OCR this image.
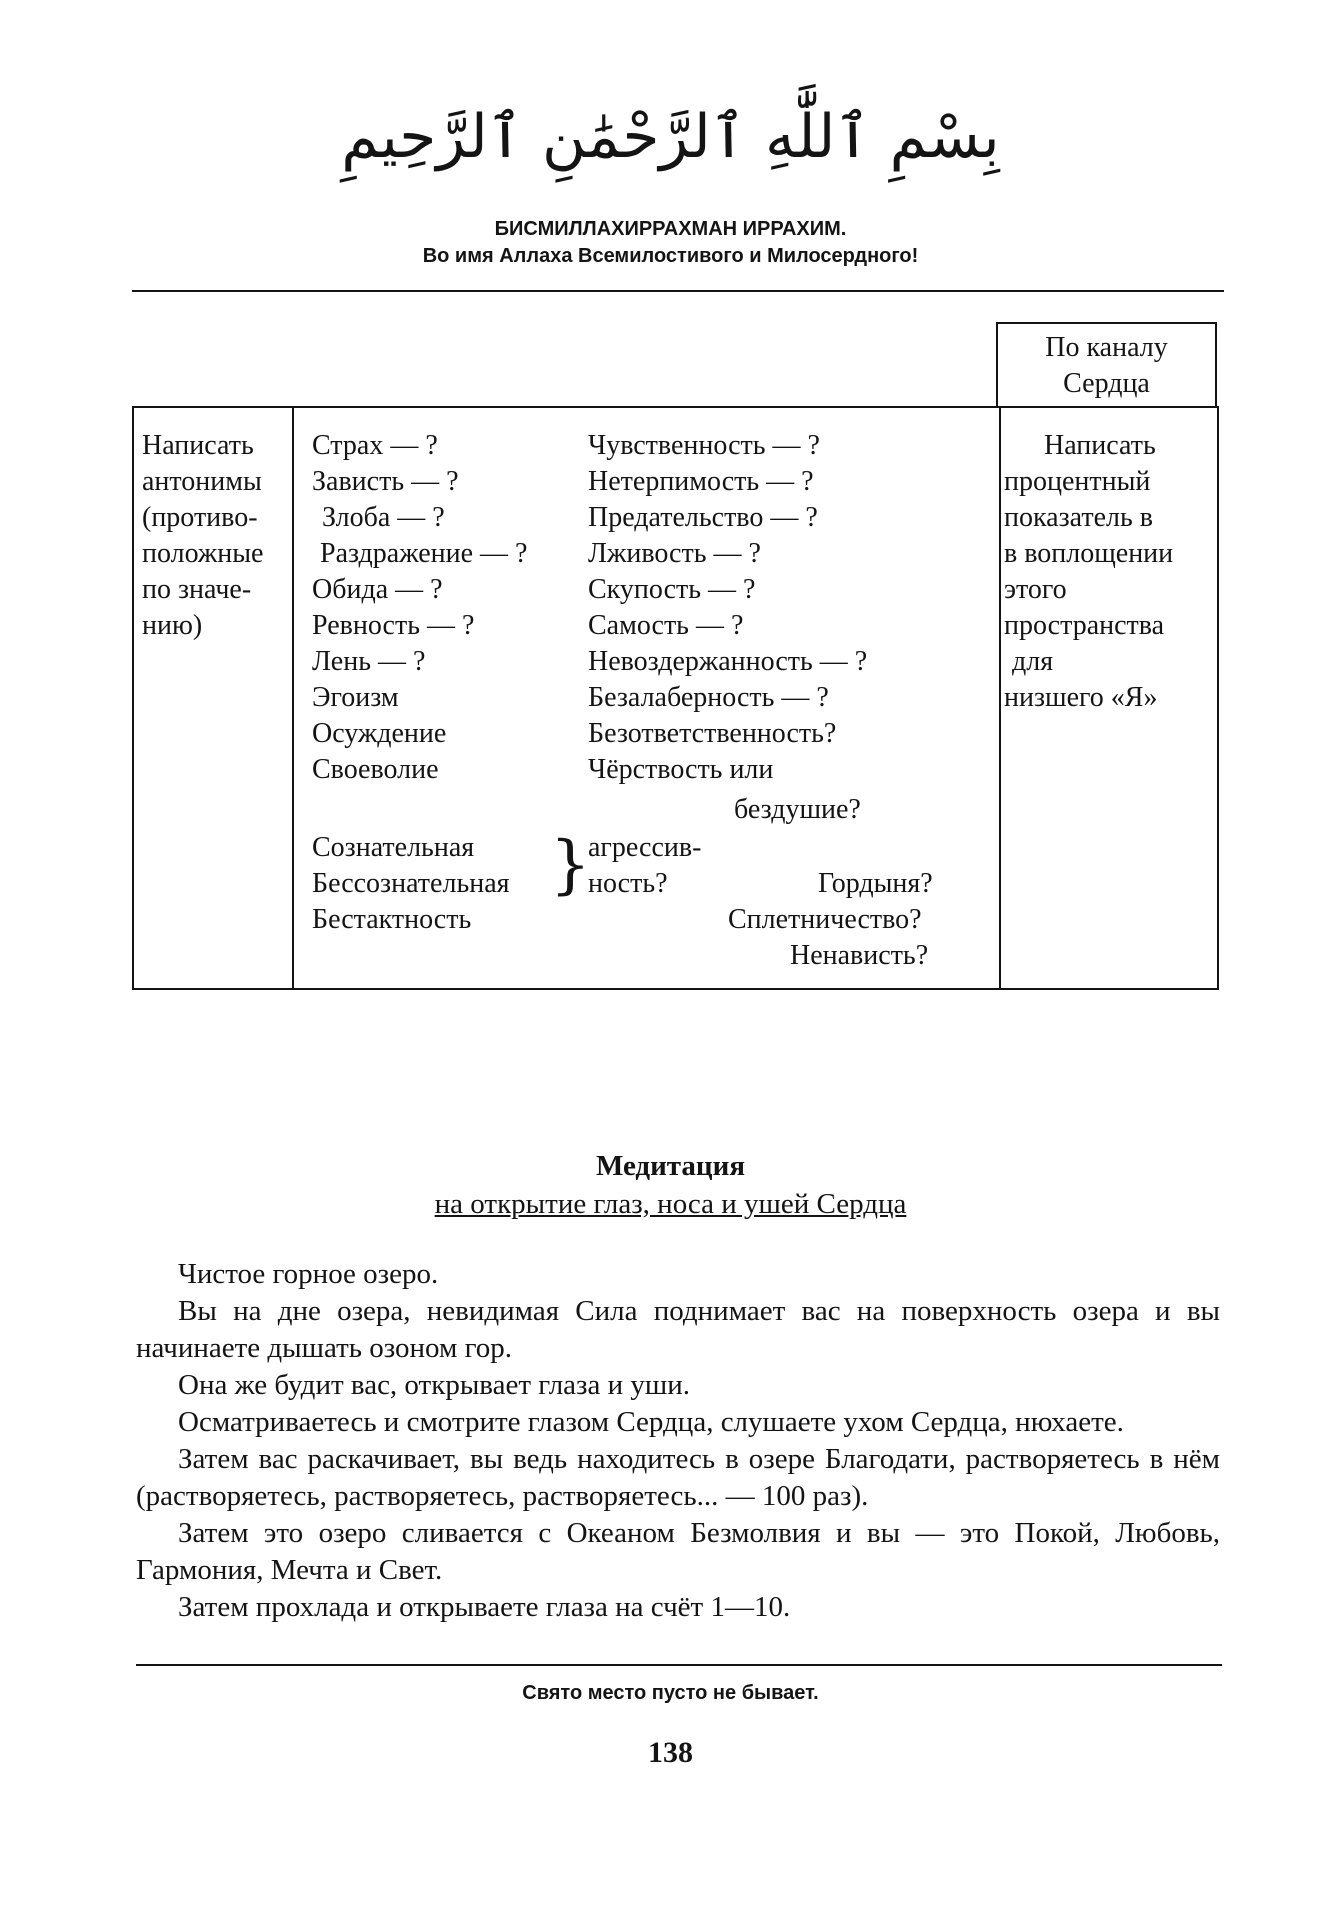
بِسْمِ ٱللَّٰهِ ٱلرَّحْمَٰنِ ٱلرَّحِيمِ
БИСМИЛЛАХИРРАХМАН ИРРАХИМ.
Во имя Аллаха Всемилостивого и Милосердного!
По каналу
Сердца
Написать
антонимы
(противо-
положные
по значе-
нию)
Страх — ?
Зависть — ?
Злоба — ?
Раздражение — ?
Обида — ?
Ревность — ?
Лень — ?
Эгоизм
Осуждение
Своеволие
Чувственность — ?
Нетерпимость — ?
Предательство — ?
Лживость — ?
Скупость — ?
Самость — ?
Невоздержанность — ?
Безалаберность — ?
Безответственность?
Чёрствость или
бездушие?
Сознательная
Бессознательная }
агрессив-
ность?	Гордыня?
Бестактность	Сплетничество?
Ненависть?
Написать
процентный
показатель в
в воплощении
этого
пространства
для
низшего «Я»
Медитация
на открытие глаз, носа и ушей Сердца

Чистое горное озеро.

Вы на дне озера, невидимая Сила поднимает вас на поверхность озера и вы начинаете дышать озоном гор.

Она же будит вас, открывает глаза и уши.

Осматриваетесь и смотрите глазом Сердца, слушаете ухом Сердца, нюхаете.

Затем вас раскачивает, вы ведь находитесь в озере Благодати, растворяетесь в нём (растворяетесь, растворяетесь, растворяетесь... — 100 раз).

Затем это озеро сливается с Океаном Безмолвия и вы — это Покой, Любовь, Гармония, Мечта и Свет.

Затем прохлада и открываете глаза на счёт 1—10.

Свято место пусто не бывает.
138
